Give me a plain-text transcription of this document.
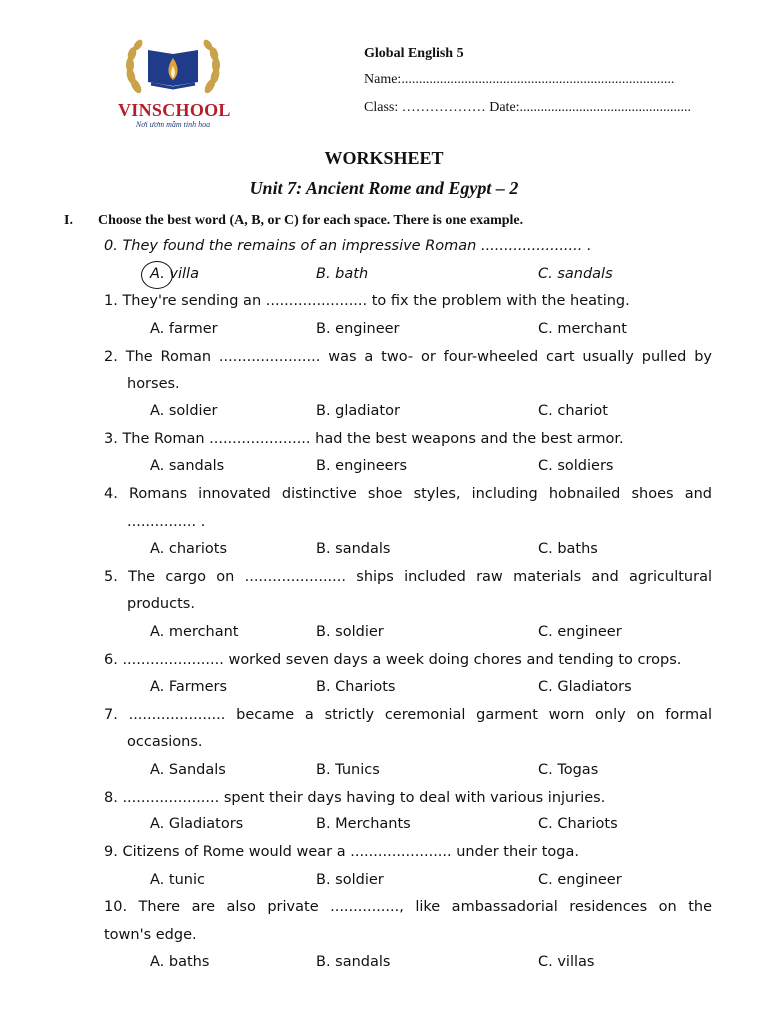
VINSCHOOL
Nơi ươm mầm tinh hoa
Global English 5
Name:..............................................................................
Class: ……………… Date:.................................................
WORKSHEET
Unit 7: Ancient Rome and Egypt – 2
I. Choose the best word (A, B, or C) for each space. There is one example.
0. They found the remains of an impressive Roman ...................... .
A. villa	B. bath	C. sandals
1. They're sending an ...................... to fix the problem with the heating.
A. farmer	B. engineer	C. merchant
2. The Roman ...................... was a two- or four-wheeled cart usually pulled by
horses.
A. soldier	B. gladiator	C. chariot
3. The Roman ...................... had the best weapons and the best armor.
A. sandals	B. engineers	C. soldiers
4. Romans innovated distinctive shoe styles, including hobnailed shoes and
............... .
A. chariots	B. sandals	C. baths
5. The cargo on ...................... ships included raw materials and agricultural
products.
A. merchant	B. soldier	C. engineer
6. ...................... worked seven days a week doing chores and tending to crops.
A. Farmers	B. Chariots	C. Gladiators
7. ..................... became a strictly ceremonial garment worn only on formal
occasions.
A. Sandals	B. Tunics	C. Togas
8. ..................... spent their days having to deal with various injuries.
A. Gladiators	B. Merchants	C. Chariots
9. Citizens of Rome would wear a ...................... under their toga.
A. tunic	B. soldier	C. engineer
10. There are also private ..............., like ambassadorial residences on the
town's edge.
A. baths	B. sandals	C. villas
